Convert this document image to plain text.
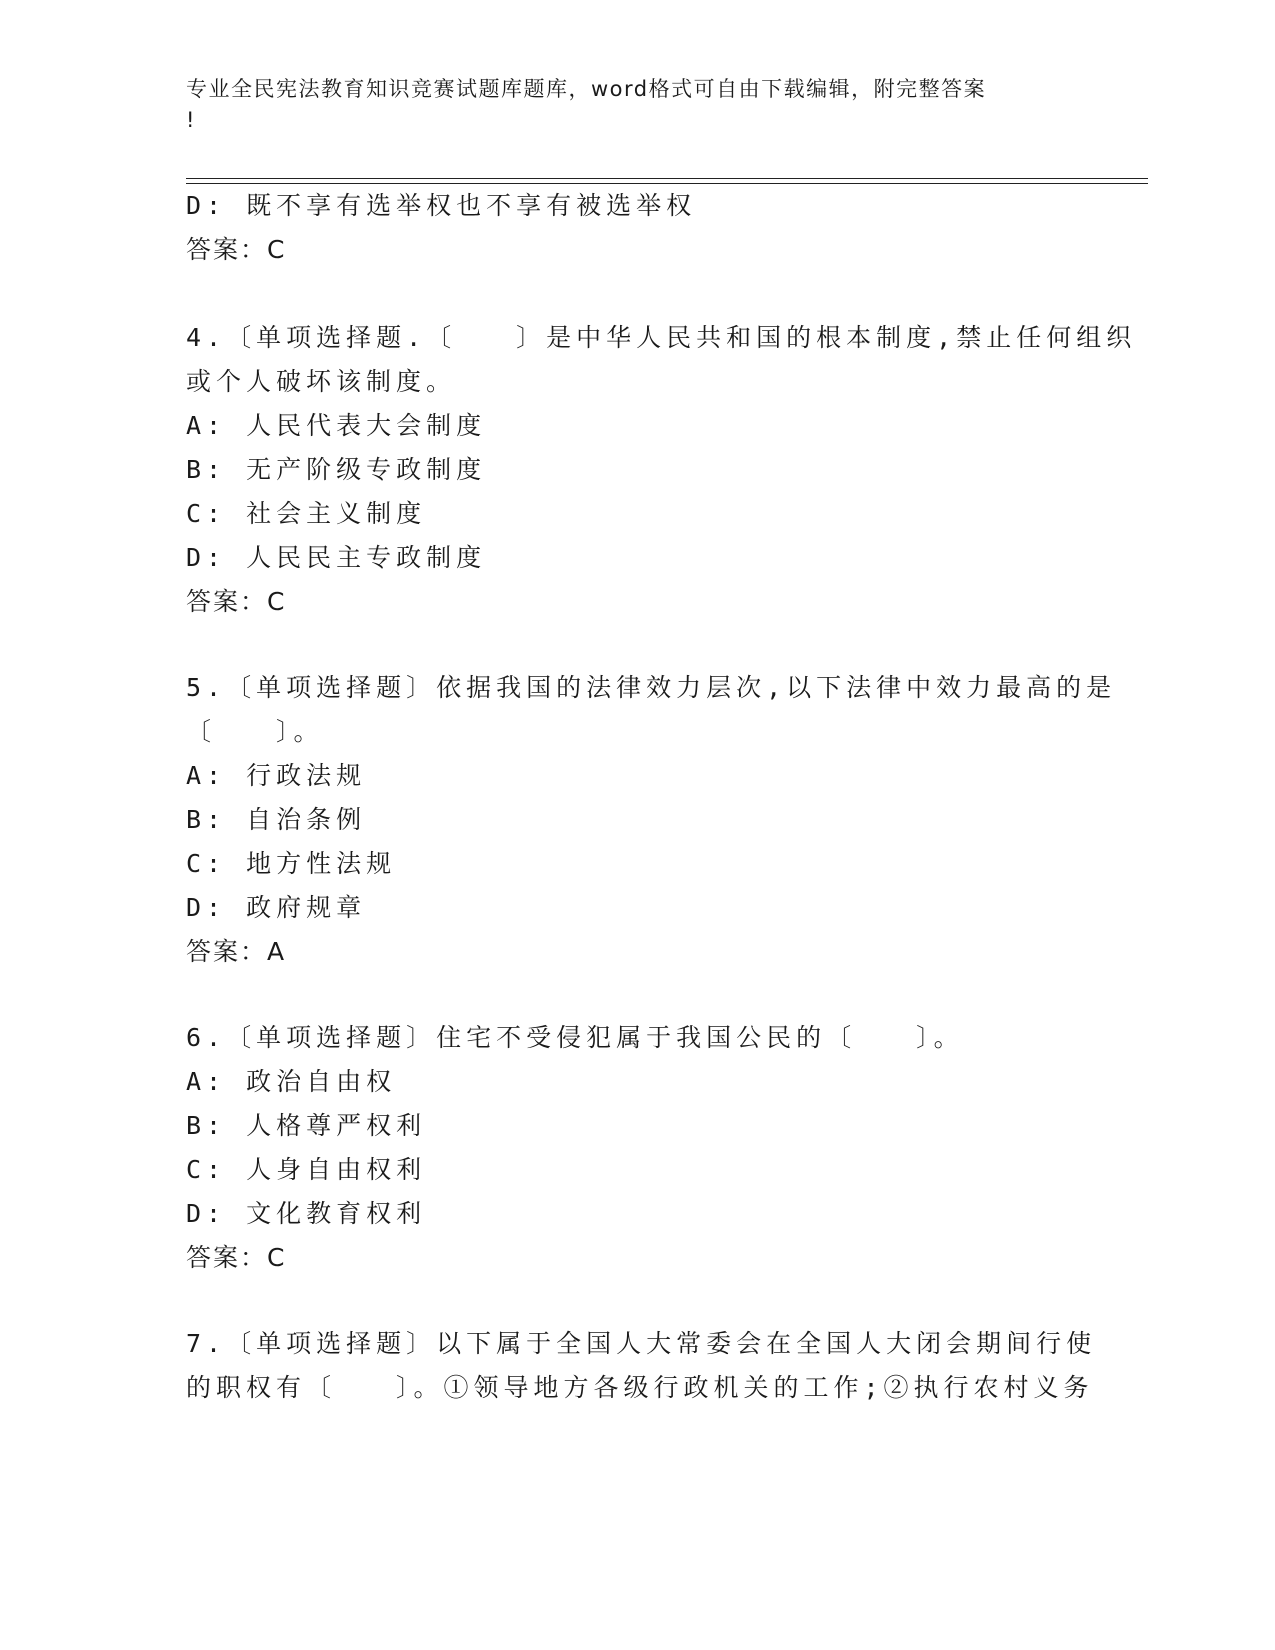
专业全民宪法教育知识竞赛试题库题库，word格式可自由下载编辑，附完整答案
!
D: 既不享有选举权也不享有被选举权
答案：C
4.〔单项选择题.〔　　〕是中华人民共和国的根本制度,禁止任何组织
或个人破坏该制度。
A: 人民代表大会制度
B: 无产阶级专政制度
C: 社会主义制度
D: 人民民主专政制度
答案：C
5.〔单项选择题〕依据我国的法律效力层次,以下法律中效力最高的是
〔　　〕。
A: 行政法规
B: 自治条例
C: 地方性法规
D: 政府规章
答案：A
6.〔单项选择题〕住宅不受侵犯属于我国公民的〔　　〕。
A: 政治自由权
B: 人格尊严权利
C: 人身自由权利
D: 文化教育权利
答案：C
7.〔单项选择题〕以下属于全国人大常委会在全国人大闭会期间行使
的职权有〔　　〕。①领导地方各级行政机关的工作;②执行农村义务
